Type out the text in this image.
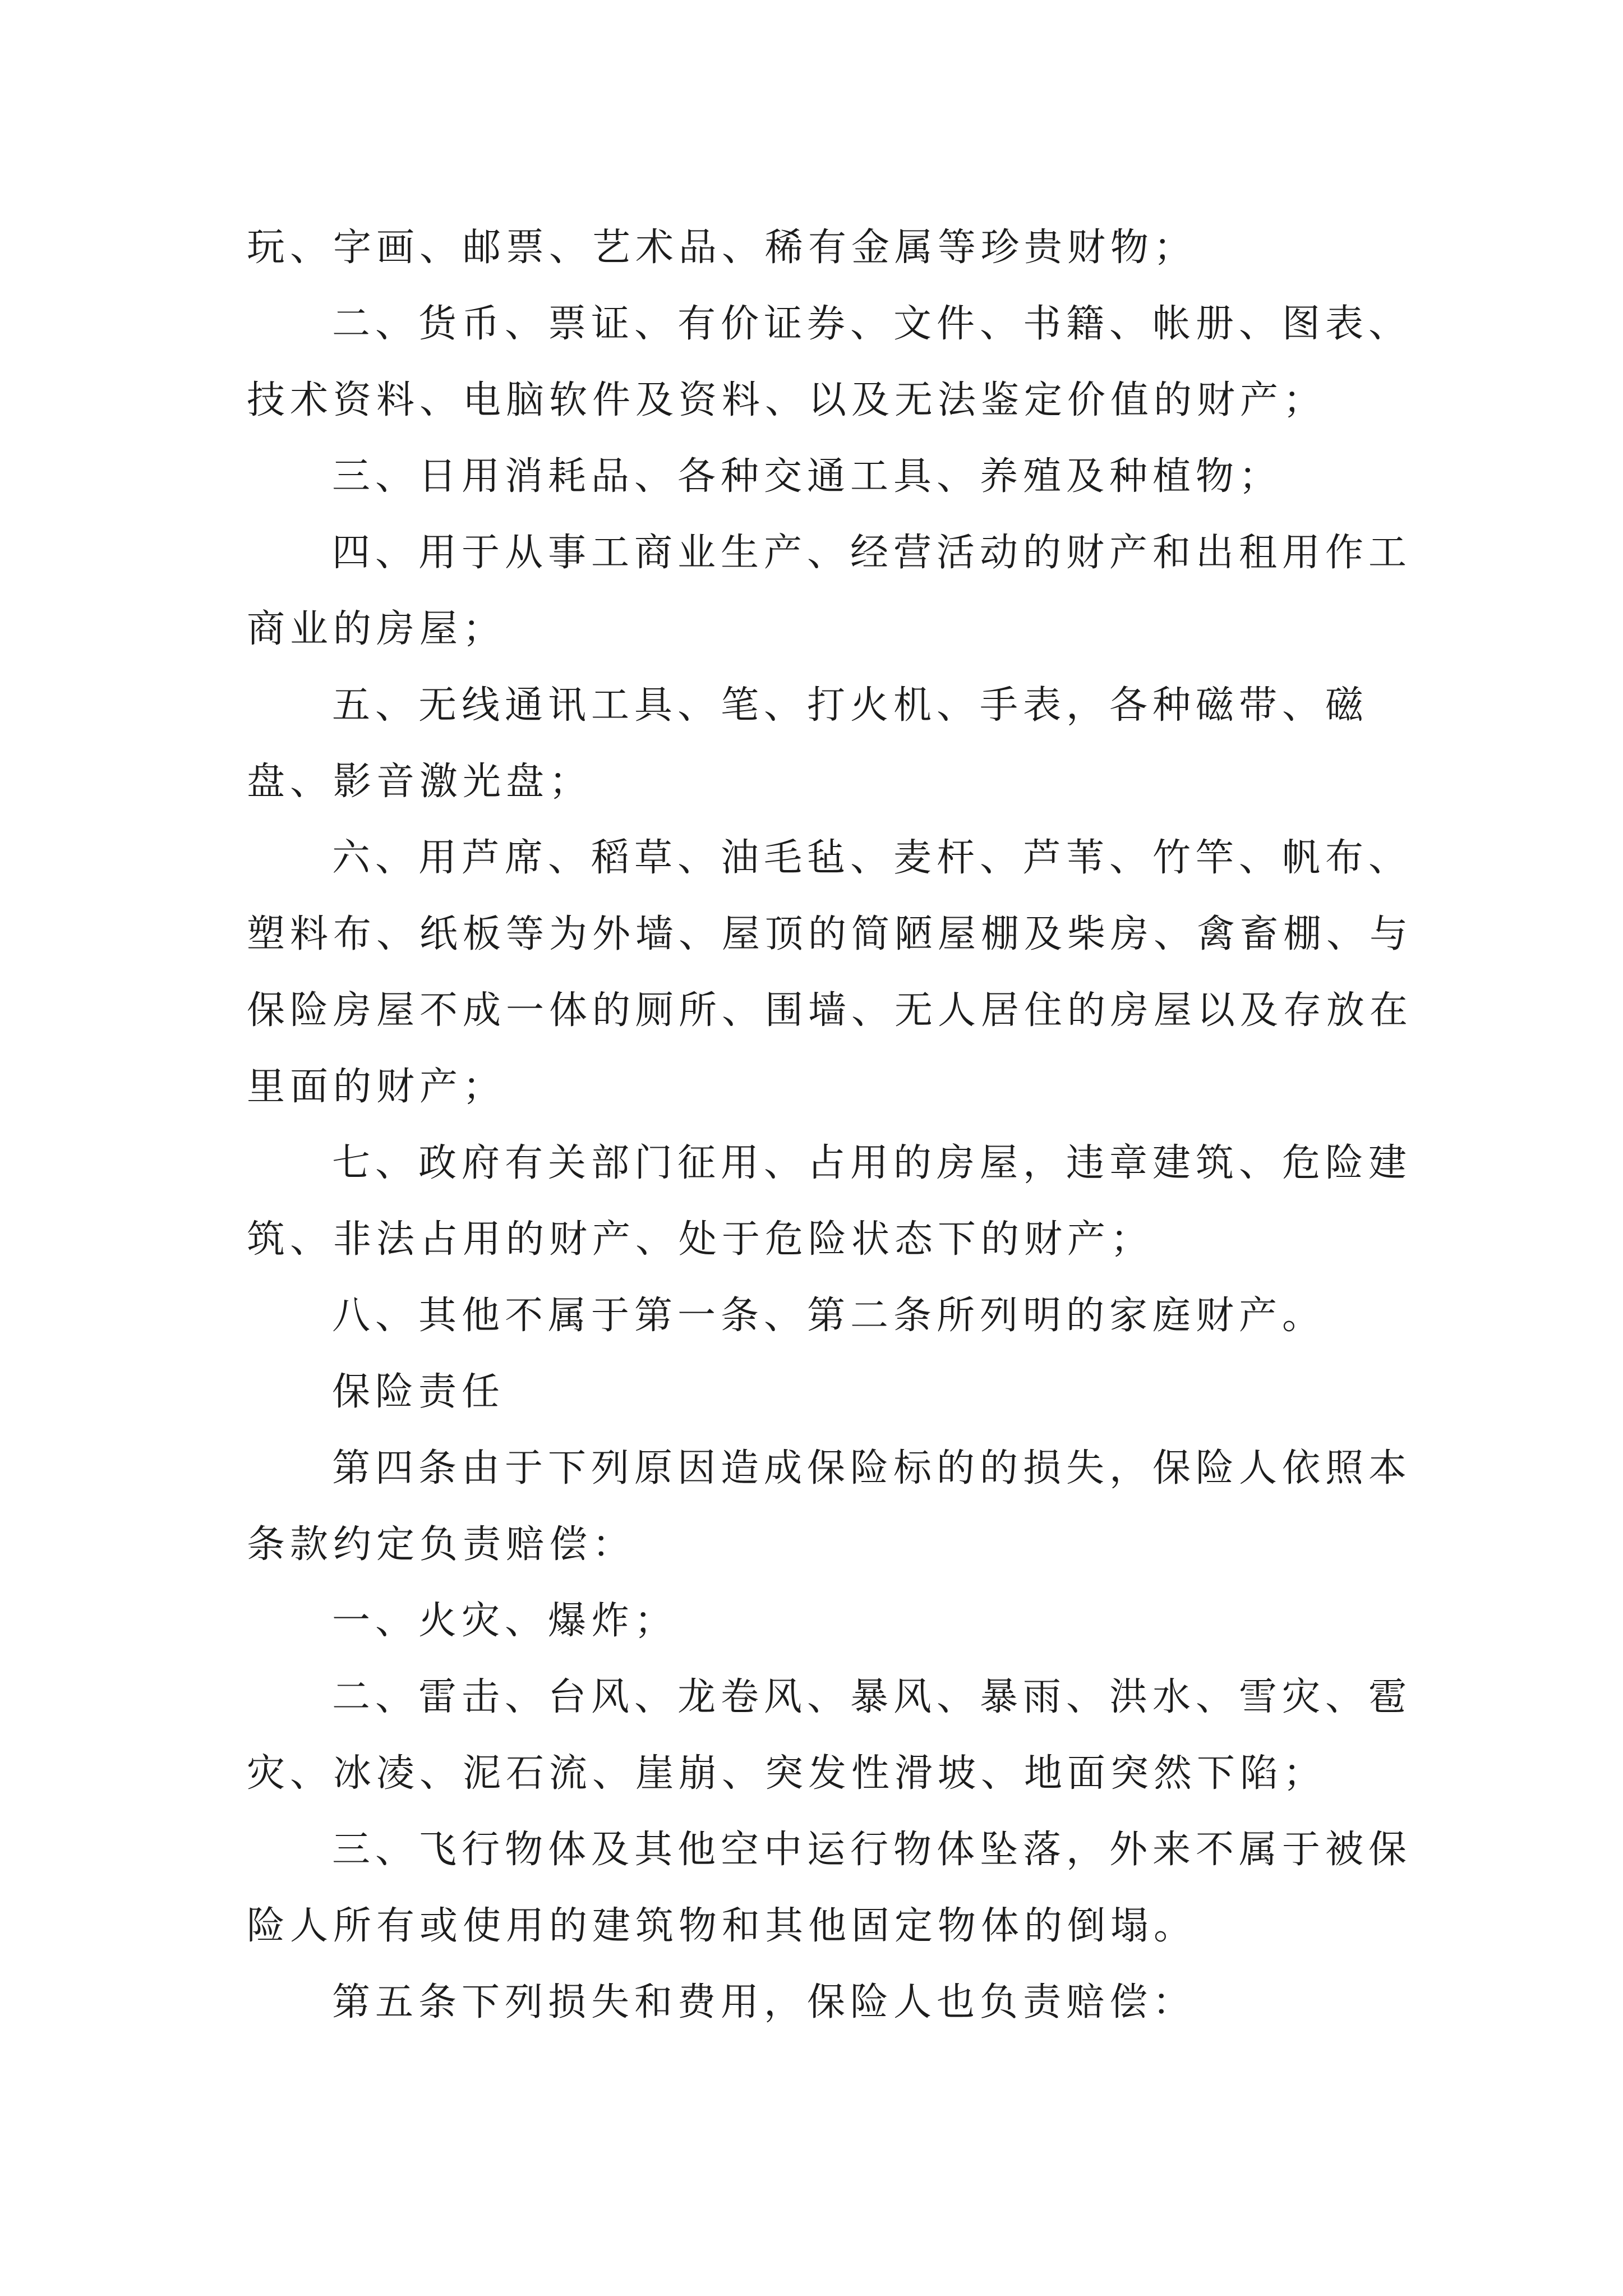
玩、字画、邮票、艺术品、稀有金属等珍贵财物；

二、货币、票证、有价证券、文件、书籍、帐册、图表、技术资料、电脑软件及资料、以及无法鉴定价值的财产；

三、日用消耗品、各种交通工具、养殖及种植物；

四、用于从事工商业生产、经营活动的财产和出租用作工商业的房屋；

五、无线通讯工具、笔、打火机、手表，各种磁带、磁盘、影音激光盘；

六、用芦席、稻草、油毛毡、麦杆、芦苇、竹竿、帆布、塑料布、纸板等为外墙、屋顶的简陋屋棚及柴房、禽畜棚、与保险房屋不成一体的厕所、围墙、无人居住的房屋以及存放在里面的财产；

七、政府有关部门征用、占用的房屋，违章建筑、危险建筑、非法占用的财产、处于危险状态下的财产；

八、其他不属于第一条、第二条所列明的家庭财产。

保险责任

第四条由于下列原因造成保险标的的损失，保险人依照本条款约定负责赔偿：

一、火灾、爆炸；

二、雷击、台风、龙卷风、暴风、暴雨、洪水、雪灾、雹灾、冰凌、泥石流、崖崩、突发性滑坡、地面突然下陷；

三、飞行物体及其他空中运行物体坠落，外来不属于被保险人所有或使用的建筑物和其他固定物体的倒塌。

第五条下列损失和费用，保险人也负责赔偿：
